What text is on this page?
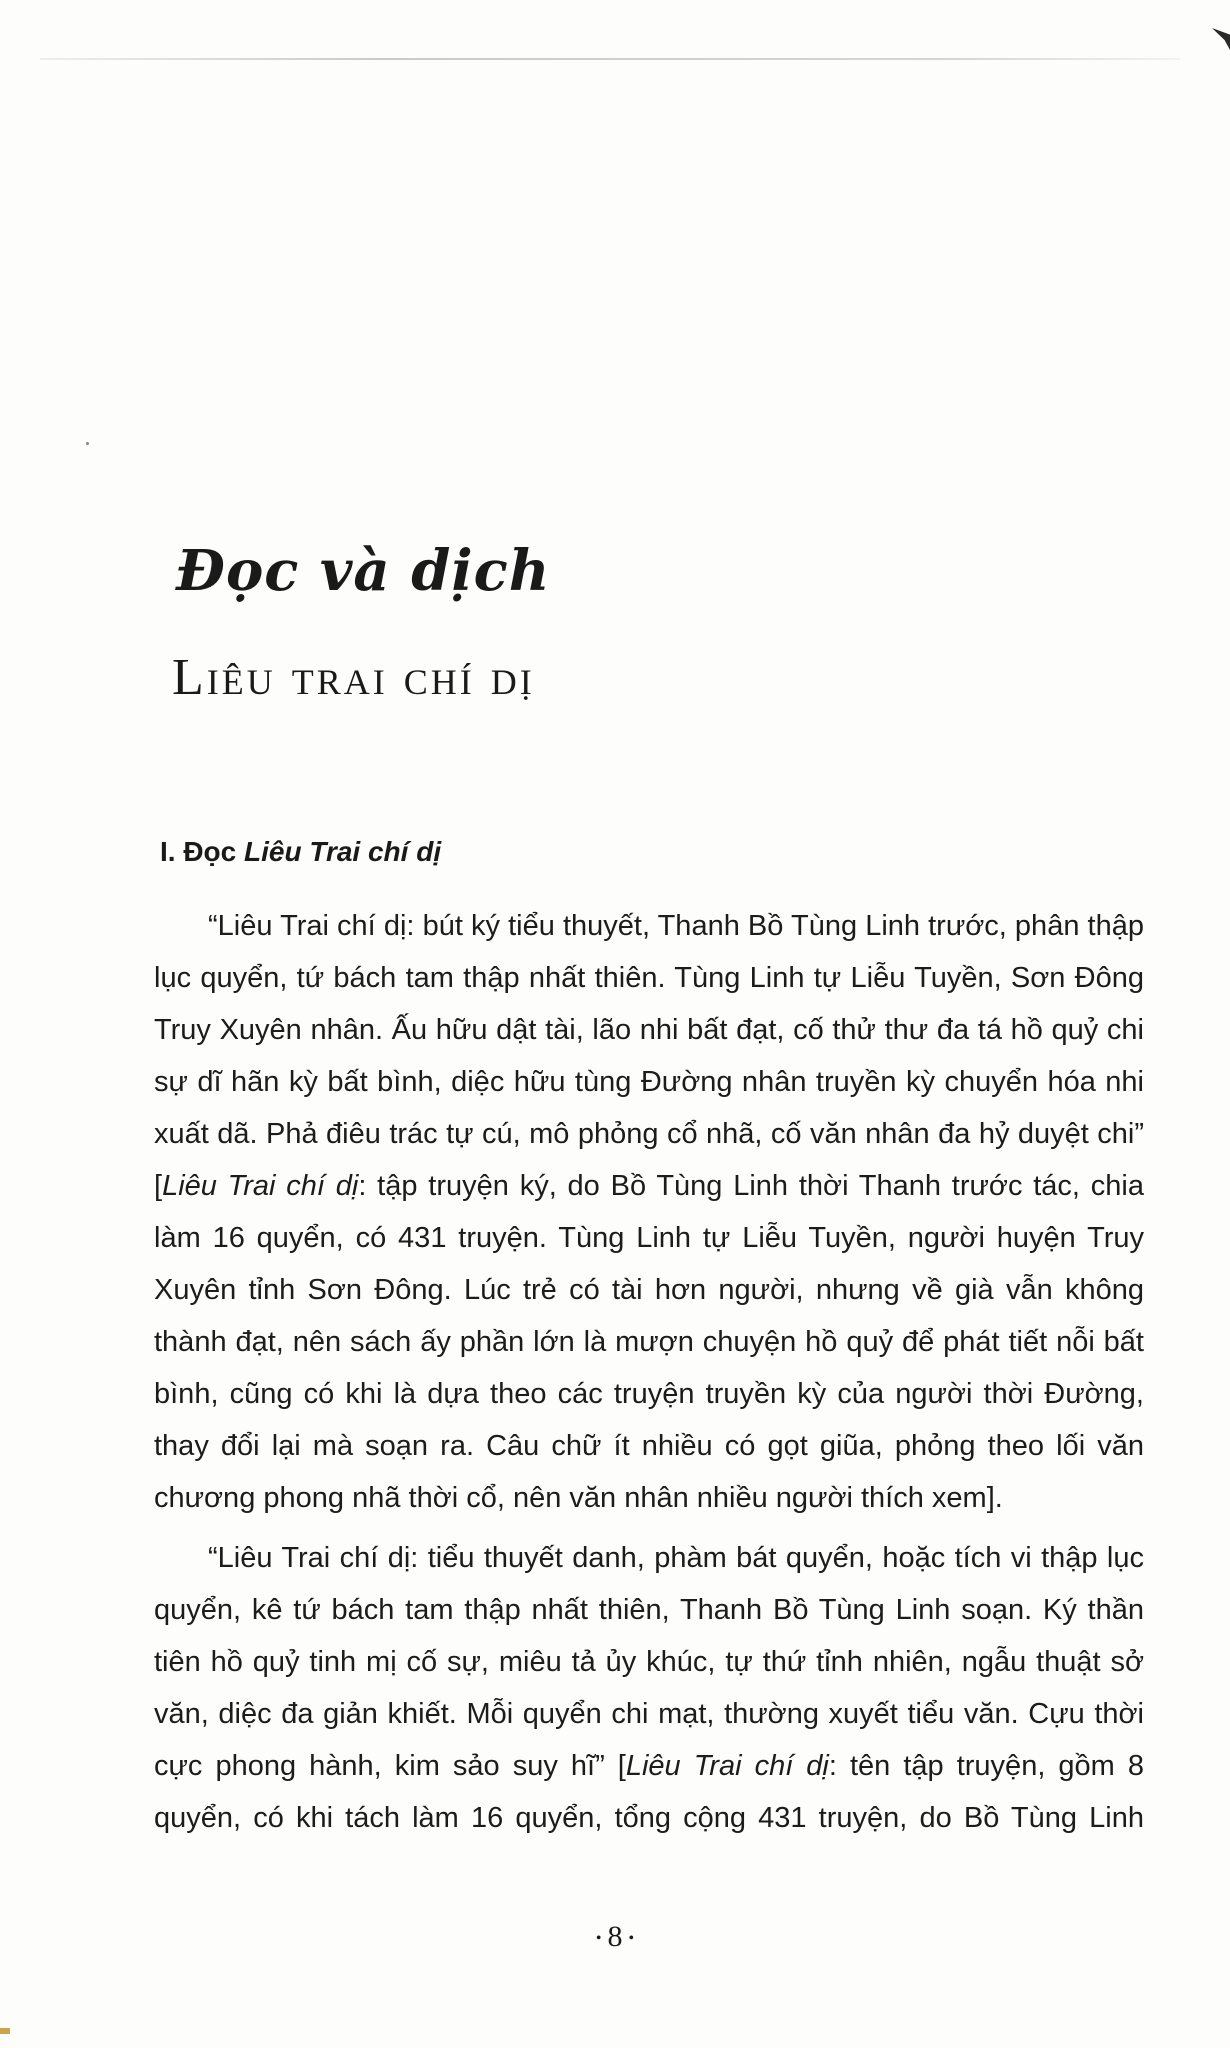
Đọc và dịch
Liêu trai chí dị
I. Đọc Liêu Trai chí dị
“Liêu Trai chí dị: bút ký tiểu thuyết, Thanh Bồ Tùng Linh trước, phân thập
lục quyển, tứ bách tam thập nhất thiên. Tùng Linh tự Liễu Tuyền, Sơn Đông
Truy Xuyên nhân. Ấu hữu dật tài, lão nhi bất đạt, cố thử thư đa tá hồ quỷ chi
sự dĩ hãn kỳ bất bình, diệc hữu tùng Đường nhân truyền kỳ chuyển hóa nhi
xuất dã. Phả điêu trác tự cú, mô phỏng cổ nhã, cố văn nhân đa hỷ duyệt chi”
[Liêu Trai chí dị: tập truyện ký, do Bồ Tùng Linh thời Thanh trước tác, chia
làm 16 quyển, có 431 truyện. Tùng Linh tự Liễu Tuyền, người huyện Truy
Xuyên tỉnh Sơn Đông. Lúc trẻ có tài hơn người, nhưng về già vẫn không
thành đạt, nên sách ấy phần lớn là mượn chuyện hồ quỷ để phát tiết nỗi bất
bình, cũng có khi là dựa theo các truyện truyền kỳ của người thời Đường,
thay đổi lại mà soạn ra. Câu chữ ít nhiều có gọt giũa, phỏng theo lối văn
chương phong nhã thời cổ, nên văn nhân nhiều người thích xem].
“Liêu Trai chí dị: tiểu thuyết danh, phàm bát quyển, hoặc tích vi thập lục
quyển, kê tứ bách tam thập nhất thiên, Thanh Bồ Tùng Linh soạn. Ký thần
tiên hồ quỷ tinh mị cố sự, miêu tả ủy khúc, tự thứ tỉnh nhiên, ngẫu thuật sở
văn, diệc đa giản khiết. Mỗi quyển chi mạt, thường xuyết tiểu văn. Cựu thời
cực phong hành, kim sảo suy hĩ” [Liêu Trai chí dị: tên tập truyện, gồm 8
quyển, có khi tách làm 16 quyển, tổng cộng 431 truyện, do Bồ Tùng Linh
• 8 •
